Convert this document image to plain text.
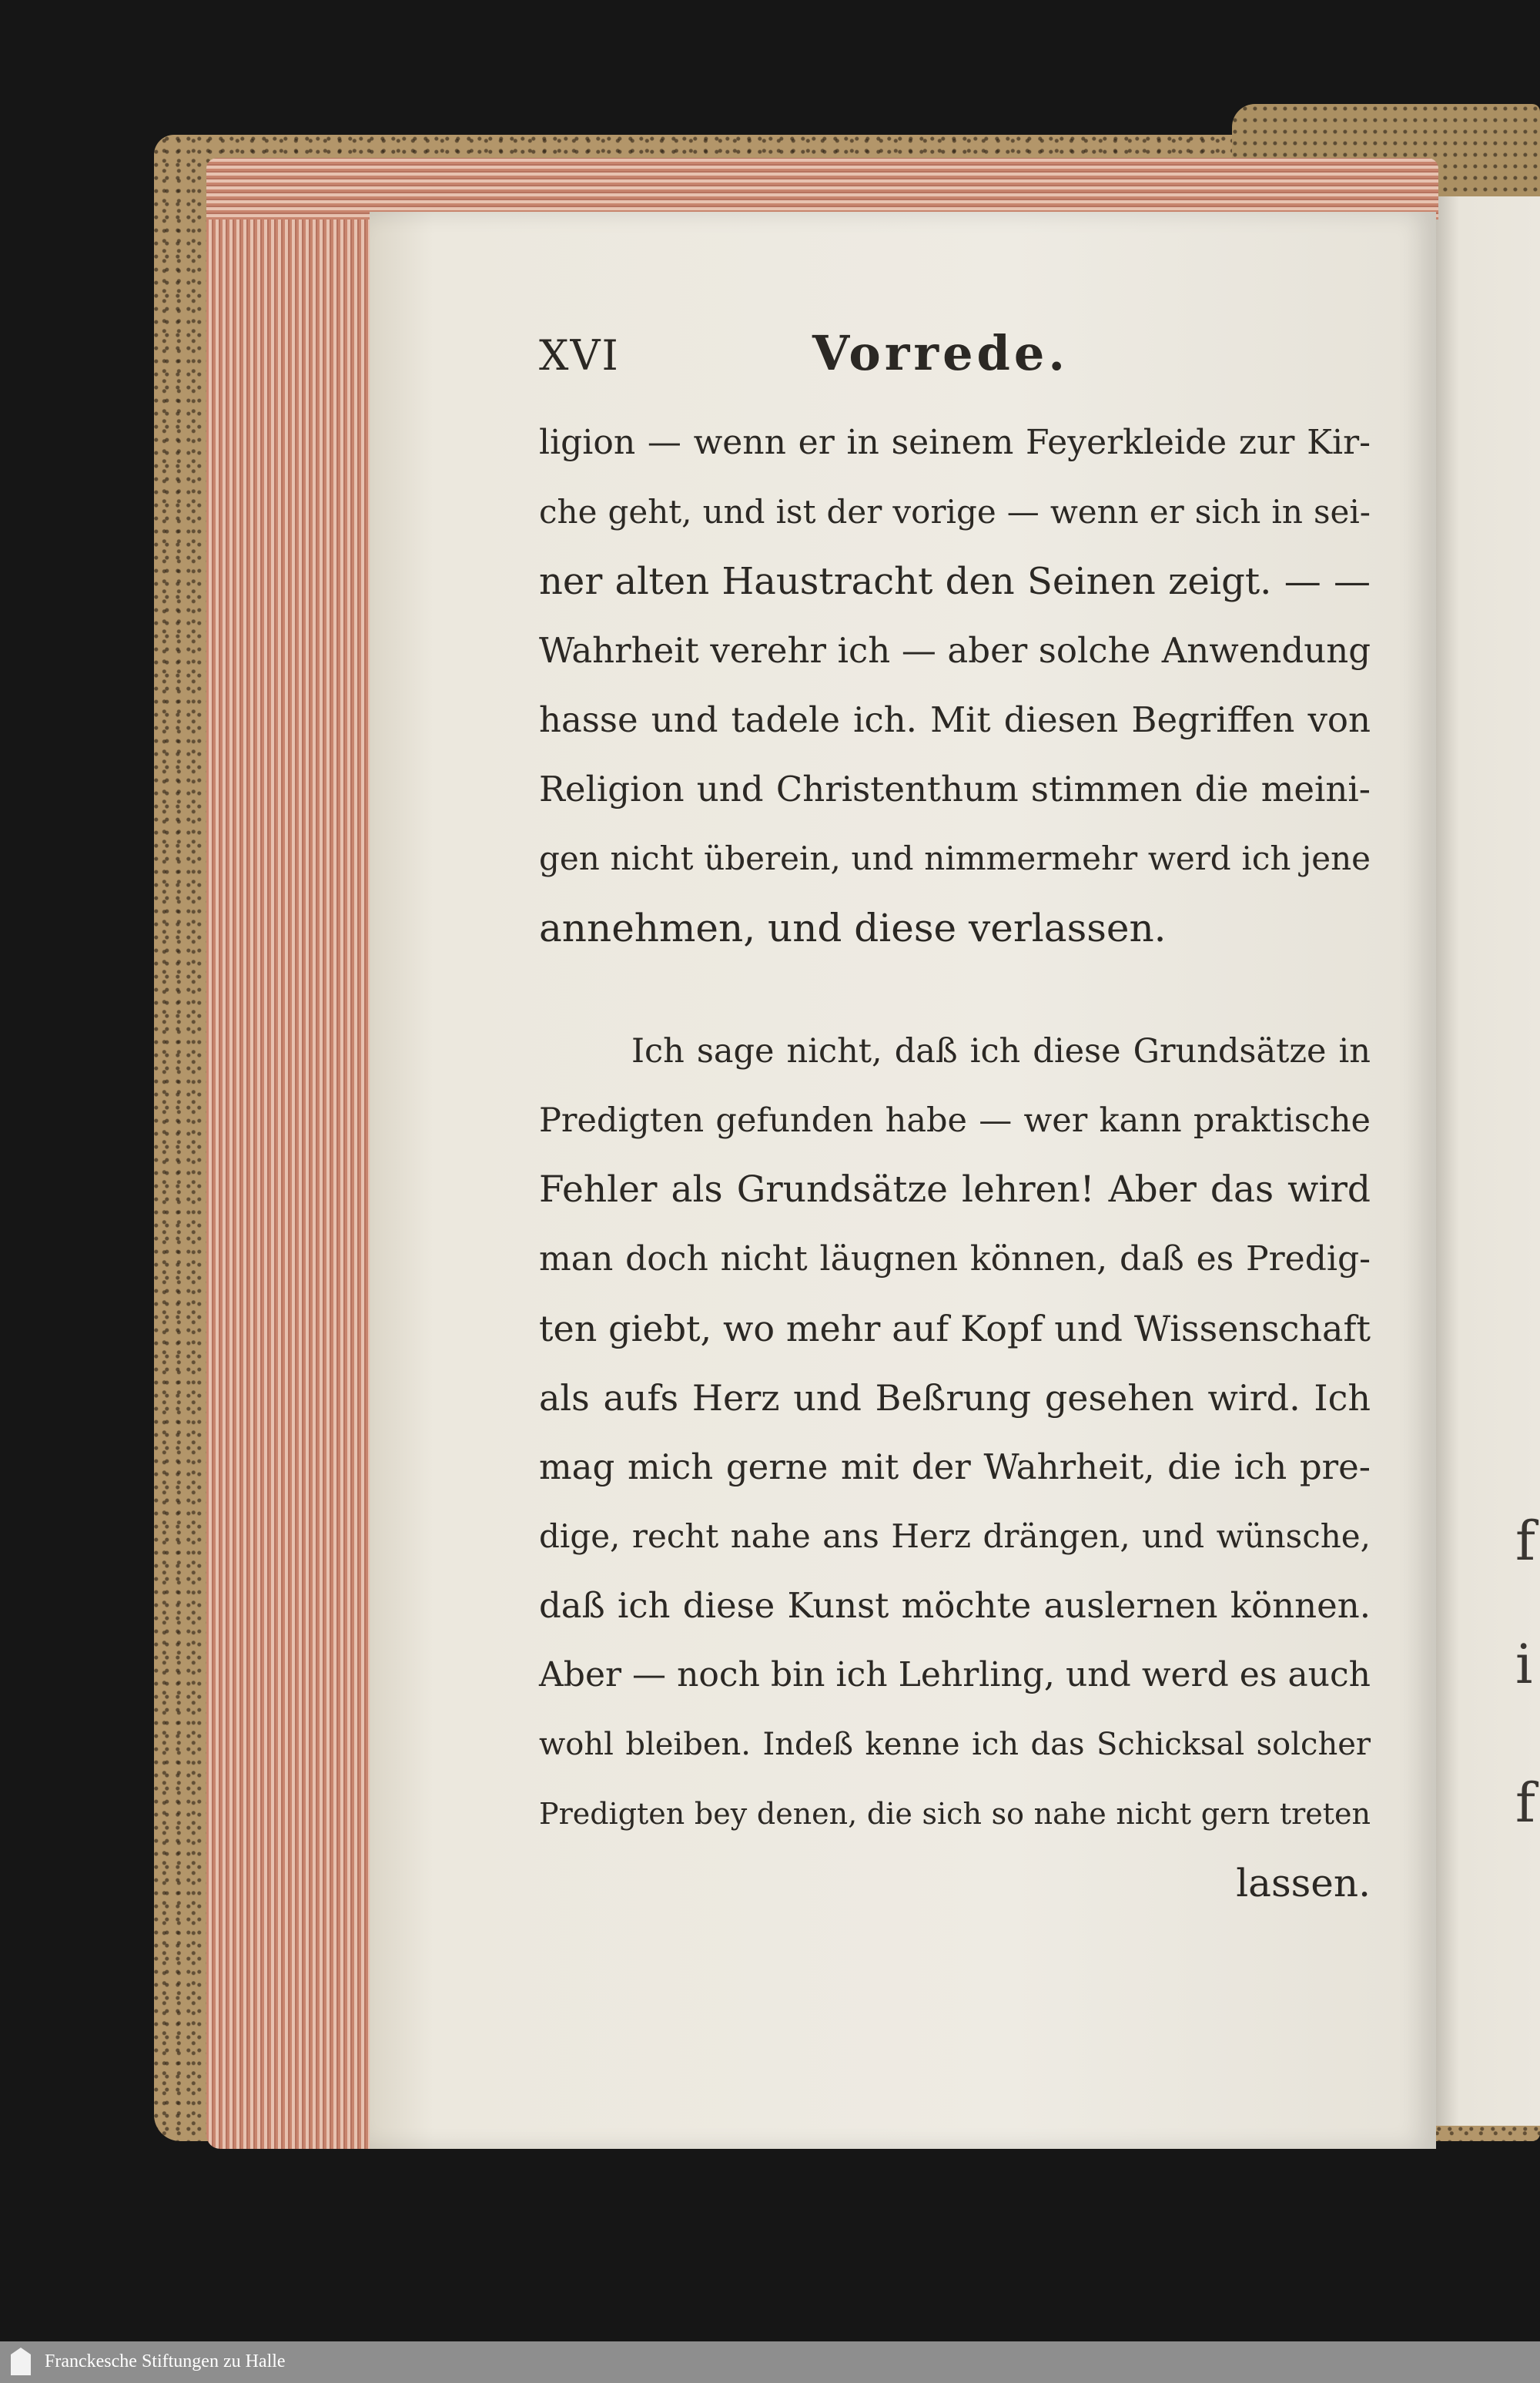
f
i
f
XVI	Vorrede.
ligion — wenn er in seinem Feyerkleide zur Kir-
che geht, und ist der vorige — wenn er sich in sei-
ner alten Haustracht den Seinen zeigt. — —
Wahrheit verehr ich — aber solche Anwendung
hasse und tadele ich. Mit diesen Begriffen von
Religion und Christenthum stimmen die meini-
gen nicht überein, und nimmermehr werd ich jene
annehmen, und diese verlassen.
Ich sage nicht, daß ich diese Grundsätze in
Predigten gefunden habe — wer kann praktische
Fehler als Grundsätze lehren! Aber das wird
man doch nicht läugnen können, daß es Predig-
ten giebt, wo mehr auf Kopf und Wissenschaft
als aufs Herz und Beßrung gesehen wird. Ich
mag mich gerne mit der Wahrheit, die ich pre-
dige, recht nahe ans Herz drängen, und wünsche,
daß ich diese Kunst möchte auslernen können.
Aber — noch bin ich Lehrling, und werd es auch
wohl bleiben. Indeß kenne ich das Schicksal solcher
Predigten bey denen, die sich so nahe nicht gern treten
lassen.
Franckesche Stiftungen zu Halle
